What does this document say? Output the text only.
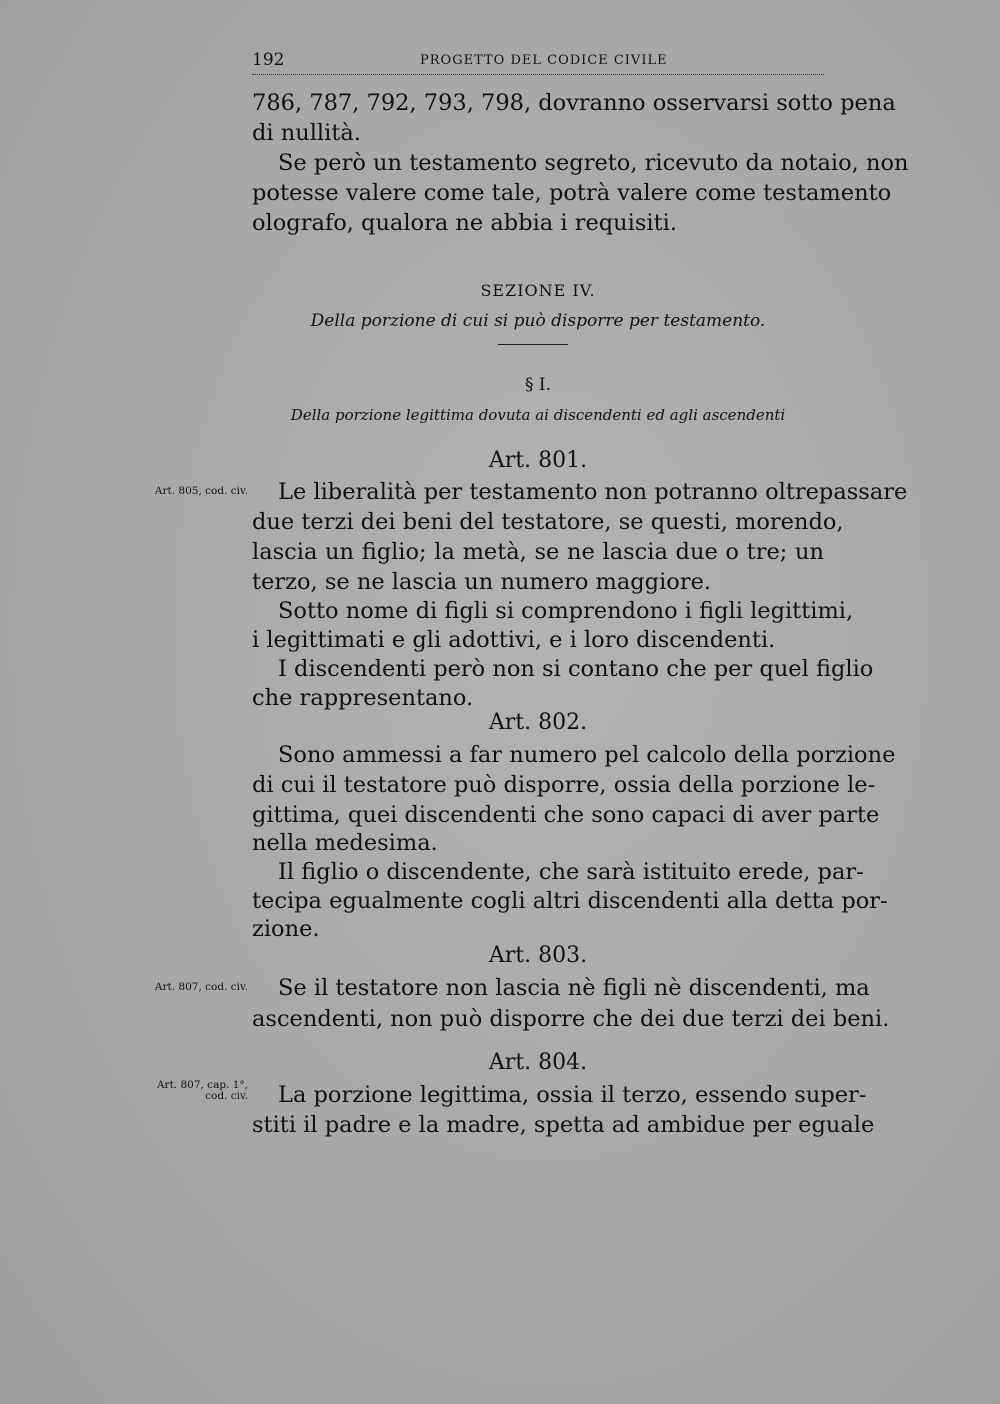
192	PROGETTO DEL CODICE CIVILE
786, 787, 792, 793, 798, dovranno osservarsi sotto pena
di nullità.
Se però un testamento segreto, ricevuto da notaio, non
potesse valere come tale, potrà valere come testamento
olografo, qualora ne abbia i requisiti.
SEZIONE IV.
Della porzione di cui si può disporre per testamento.
§ I.
Della porzione legittima dovuta ai discendenti ed agli ascendenti
Art. 801.
Art. 805, cod. civ.	Le liberalità per testamento non potranno oltrepassare
due terzi dei beni del testatore, se questi, morendo,
lascia un figlio; la metà, se ne lascia due o tre; un
terzo, se ne lascia un numero maggiore.
Sotto nome di figli si comprendono i figli legittimi,
i legittimati e gli adottivi, e i loro discendenti.
I discendenti però non si contano che per quel figlio
che rappresentano.
Art. 802.
Sono ammessi a far numero pel calcolo della porzione
di cui il testatore può disporre, ossia della porzione le-
gittima, quei discendenti che sono capaci di aver parte
nella medesima.
Il figlio o discendente, che sarà istituito erede, par-
tecipa egualmente cogli altri discendenti alla detta por-
zione.
Art. 803.
Art. 807, cod. civ.	Se il testatore non lascia nè figli nè discendenti, ma
ascendenti, non può disporre che dei due terzi dei beni.
Art. 804.
Art. 807, cap. 1°,
cod. civ.	La porzione legittima, ossia il terzo, essendo super-
stiti il padre e la madre, spetta ad ambidue per eguale
